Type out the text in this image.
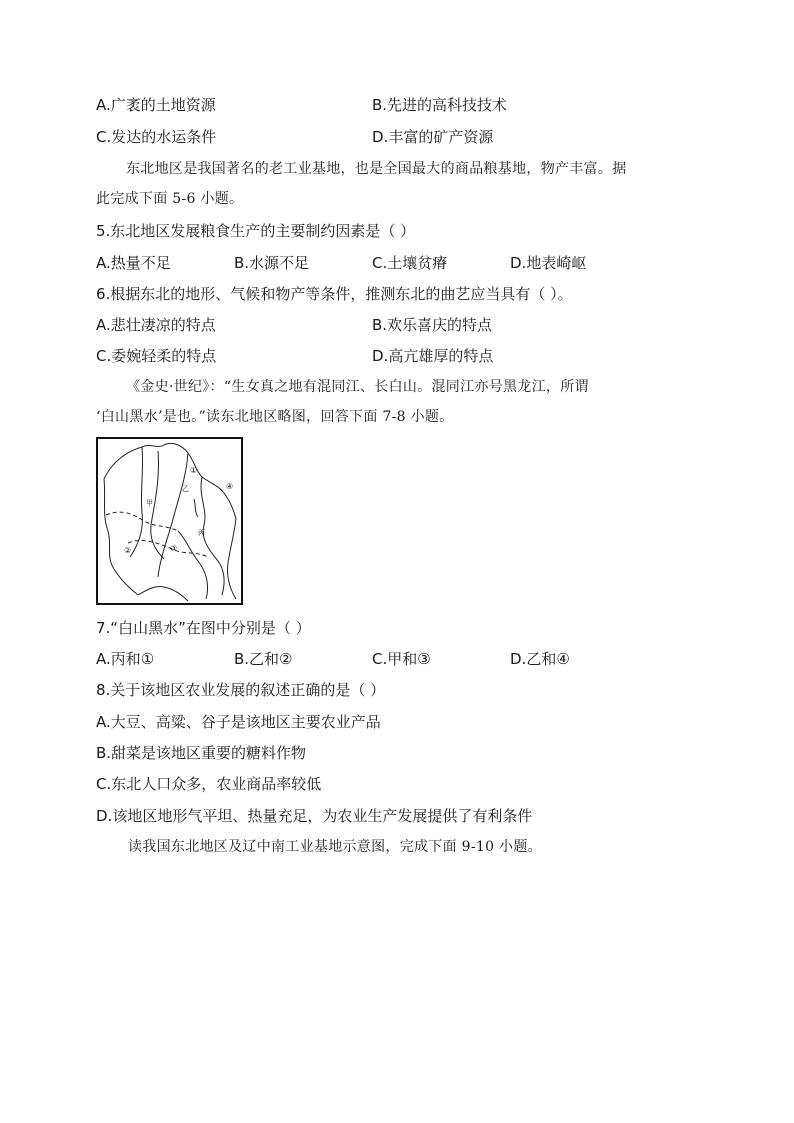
A.广袤的土地资源	B.先进的高科技技术
C.发达的水运条件	D.丰富的矿产资源
东北地区是我国著名的老工业基地，也是全国最大的商品粮基地，物产丰富。据
此完成下面 5-6 小题。
5.东北地区发展粮食生产的主要制约因素是（ ）
A.热量不足	B.水源不足	C.土壤贫瘠	D.地表崎岖
6.根据东北的地形、气候和物产等条件，推测东北的曲艺应当具有（ ）。
A.悲壮凄凉的特点	B.欢乐喜庆的特点
C.委婉轻柔的特点	D.高亢雄厚的特点
《金史·世纪》：“生女真之地有混同江、长白山。混同江亦号黑龙江，所谓
‘白山黑水’是也。”读东北地区略图，回答下面 7-8 小题。
①
②	③
④
甲
乙
丙
7.“白山黑水”在图中分别是（ ）
A.丙和①	B.乙和②	C.甲和③	D.乙和④
8.关于该地区农业发展的叙述正确的是（ ）
A.大豆、高粱、谷子是该地区主要农业产品
B.甜菜是该地区重要的糖料作物
C.东北人口众多，农业商品率较低
D.该地区地形气平坦、热量充足，为农业生产发展提供了有利条件
读我国东北地区及辽中南工业基地示意图，完成下面 9-10 小题。
